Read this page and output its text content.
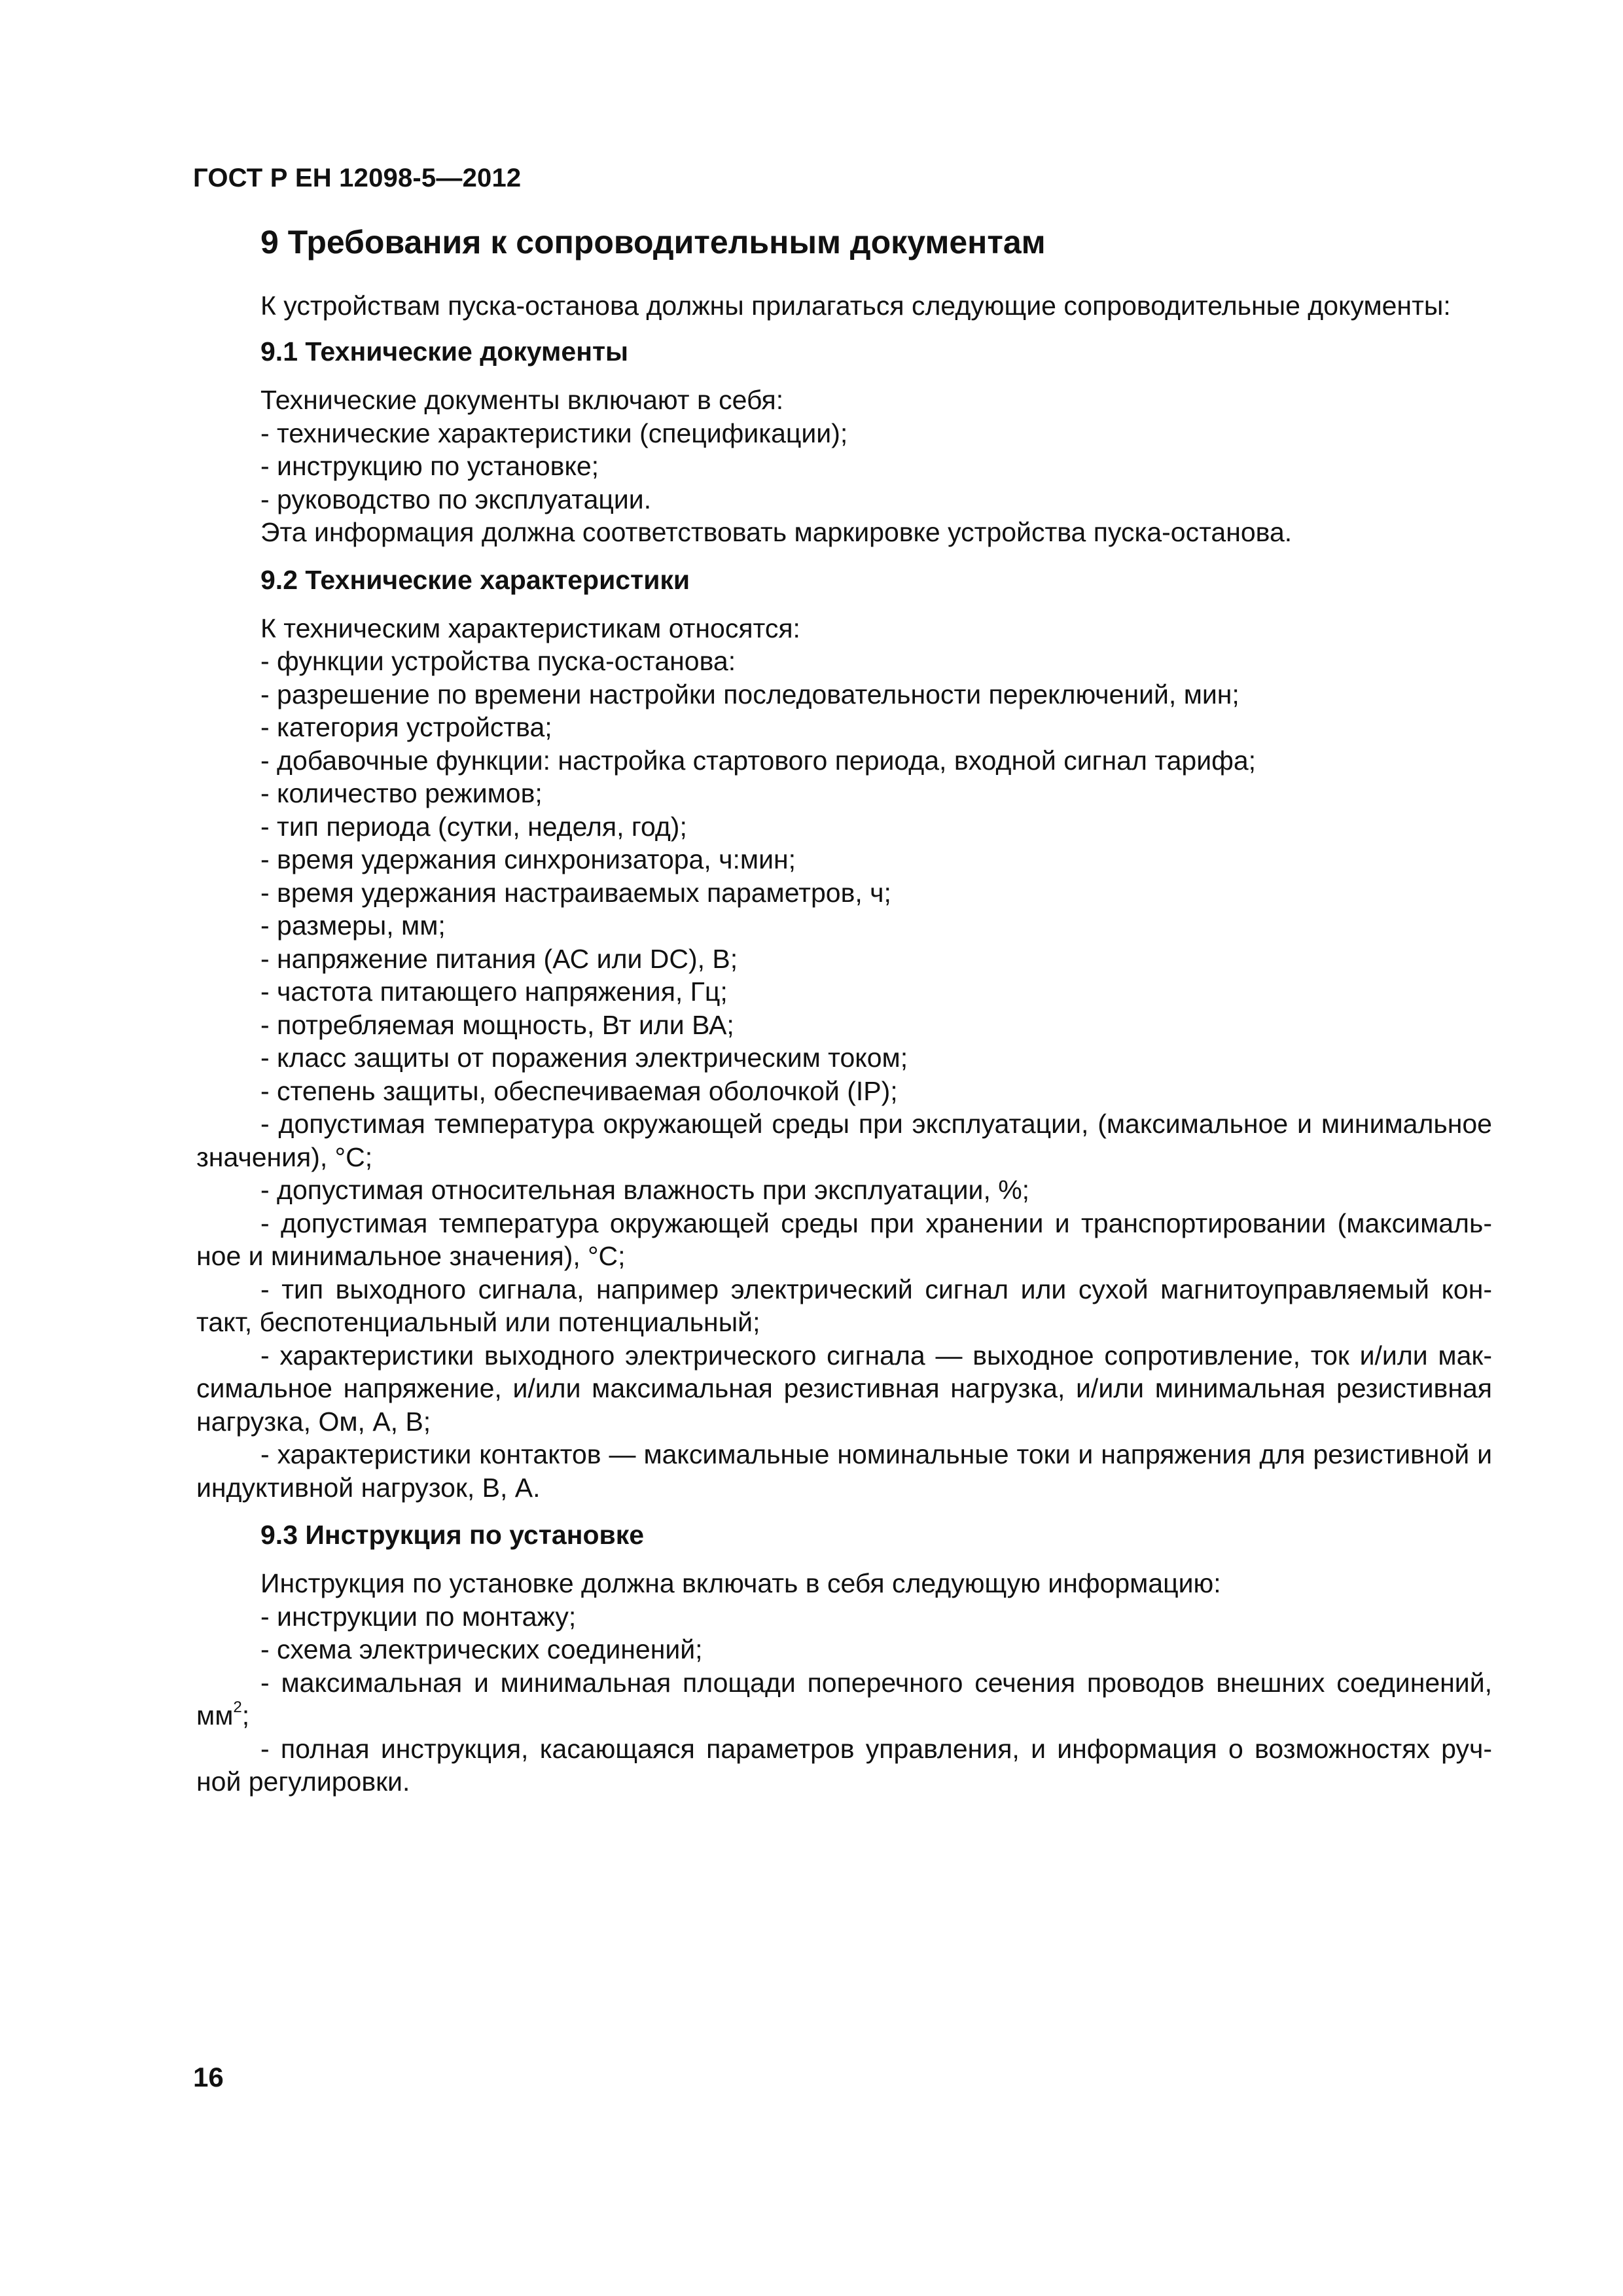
ГОСТ Р ЕН 12098-5—2012
9 Требования к сопроводительным документам
К устройствам пуска-останова должны прилагаться следующие сопроводительные документы:
9.1 Технические документы
Технические документы включают в себя:
- технические характеристики (спецификации);
- инструкцию по установке;
- руководство по эксплуатации.
Эта информация должна соответствовать маркировке устройства пуска-останова.
9.2 Технические характеристики
К техническим характеристикам относятся:
- функции устройства пуска-останова:
- разрешение по времени настройки последовательности переключений, мин;
- категория устройства;
- добавочные функции: настройка стартового периода, входной сигнал тарифа;
- количество режимов;
- тип периода (сутки, неделя, год);
- время удержания синхронизатора, ч:мин;
- время удержания настраиваемых параметров, ч;
- размеры, мм;
- напряжение питания (АС или DC), В;
- частота питающего напряжения, Гц;
- потребляемая мощность, Вт или ВА;
- класс защиты от поражения электрическим током;
- степень защиты, обеспечиваемая оболочкой (IP);
- допустимая температура окружающей среды при эксплуатации, (максимальное и минимальное значения), °С;
- допустимая относительная влажность при эксплуатации, %;
- допустимая температура окружающей среды при хранении и транспортировании (максималь-ное и минимальное значения), °С;
- тип выходного сигнала, например электрический сигнал или сухой магнитоуправляемый кон-такт, беспотенциальный или потенциальный;
- характеристики выходного электрического сигнала — выходное сопротивление, ток и/или мак-симальное напряжение, и/или максимальная резистивная нагрузка, и/или минимальная резистивная нагрузка, Ом, А, В;
- характеристики контактов — максимальные номинальные токи и напряжения для резистивной и индуктивной нагрузок, В, А.
9.3 Инструкция по установке
Инструкция по установке должна включать в себя следующую информацию:
- инструкции по монтажу;
- схема электрических соединений;
- максимальная и минимальная площади поперечного сечения проводов внешних соединений, $мм^2$;
- полная инструкция, касающаяся параметров управления, и информация о возможностях руч-ной регулировки.
16
